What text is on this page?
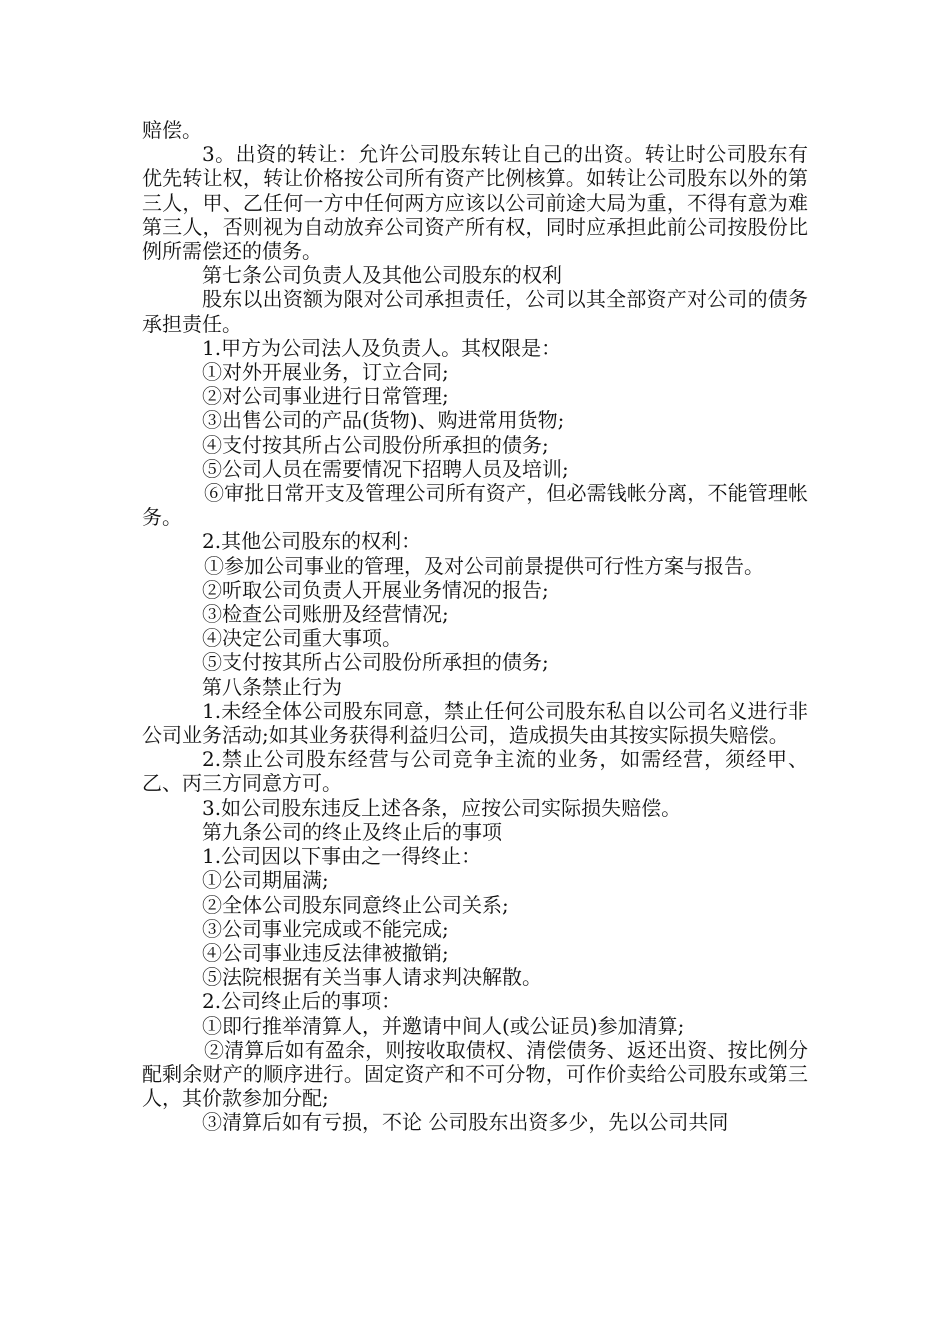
赔偿。

3。出资的转让：允许公司股东转让自己的出资。转让时公司股东有优先转让权，转让价格按公司所有资产比例核算。如转让公司股东以外的第三人，甲、乙任何一方中任何两方应该以公司前途大局为重，不得有意为难第三人，否则视为自动放弃公司资产所有权，同时应承担此前公司按股份比例所需偿还的债务。

第七条公司负责人及其他公司股东的权利

股东以出资额为限对公司承担责任，公司以其全部资产对公司的债务承担责任。

1.甲方为公司法人及负责人。其权限是：

①对外开展业务，订立合同;

②对公司事业进行日常管理;

③出售公司的产品(货物)、购进常用货物;

④支付按其所占公司股份所承担的债务;

⑤公司人员在需要情况下招聘人员及培训;

⑥审批日常开支及管理公司所有资产，但必需钱帐分离，不能管理帐务。

2.其他公司股东的权利：

①参加公司事业的管理，及对公司前景提供可行性方案与报告。

②听取公司负责人开展业务情况的报告;

③检查公司账册及经营情况;

④决定公司重大事项。

⑤支付按其所占公司股份所承担的债务;

第八条禁止行为

1.未经全体公司股东同意，禁止任何公司股东私自以公司名义进行非公司业务活动;如其业务获得利益归公司，造成损失由其按实际损失赔偿。

2.禁止公司股东经营与公司竞争主流的业务，如需经营，须经甲、乙、丙三方同意方可。

3.如公司股东违反上述各条，应按公司实际损失赔偿。

第九条公司的终止及终止后的事项

1.公司因以下事由之一得终止：

①公司期届满;

②全体公司股东同意终止公司关系;

③公司事业完成或不能完成;

④公司事业违反法律被撤销;

⑤法院根据有关当事人请求判决解散。

2.公司终止后的事项：

①即行推举清算人，并邀请中间人(或公证员)参加清算;

②清算后如有盈余，则按收取债权、清偿债务、返还出资、按比例分配剩余财产的顺序进行。固定资产和不可分物，可作价卖给公司股东或第三人，其价款参加分配;

③清算后如有亏损，不论 公司股东出资多少，先以公司共同
